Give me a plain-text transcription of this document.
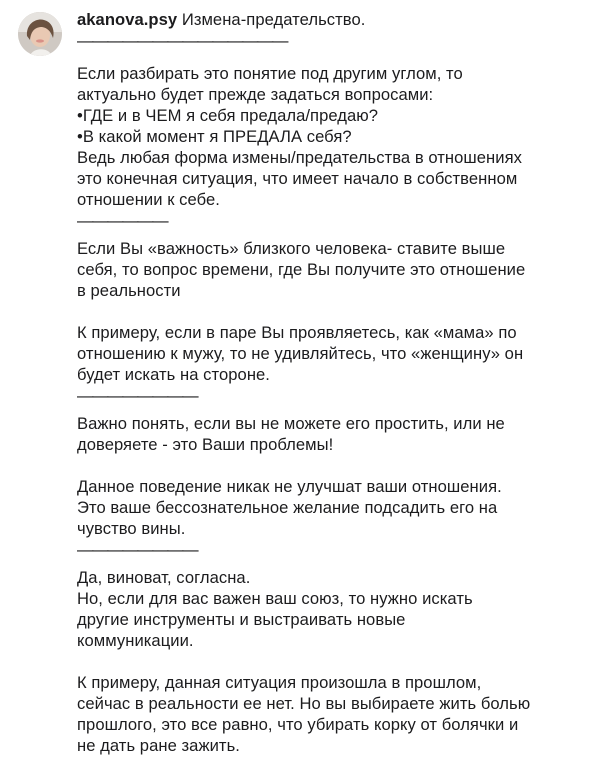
akanova.psy Измена-предательство.

——————————————

Если разбирать это понятие под другим углом, то

актуально будет прежде задаться вопросами:

•ГДЕ и в ЧЕМ я себя предала/предаю?

•В какой момент я ПРЕДАЛА себя?

Ведь любая форма измены/предательства в отношениях

это конечная ситуация, что имеет начало в собственном

отношении к себе.

——————

Если Вы «важность» близкого человека- ставите выше

себя, то вопрос времени, где Вы получите это отношение

в реальности

К примеру, если в паре Вы проявляетесь, как «мама» по

отношению к мужу, то не удивляйтесь, что «женщину» он

будет искать на стороне.

————————

Важно понять, если вы не можете его простить, или не

доверяете - это Ваши проблемы!

Данное поведение никак не улучшат ваши отношения.

Это ваше бессознательное желание подсадить его на

чувство вины.

————————

Да, виноват, согласна.

Но, если для вас важен ваш союз, то нужно искать

другие инструменты и выстраивать новые

коммуникации.

К примеру, данная ситуация произошла в прошлом,

сейчас в реальности ее нет. Но вы выбираете жить болью

прошлого, это все равно, что убирать корку от болячки и

не дать ране зажить.
